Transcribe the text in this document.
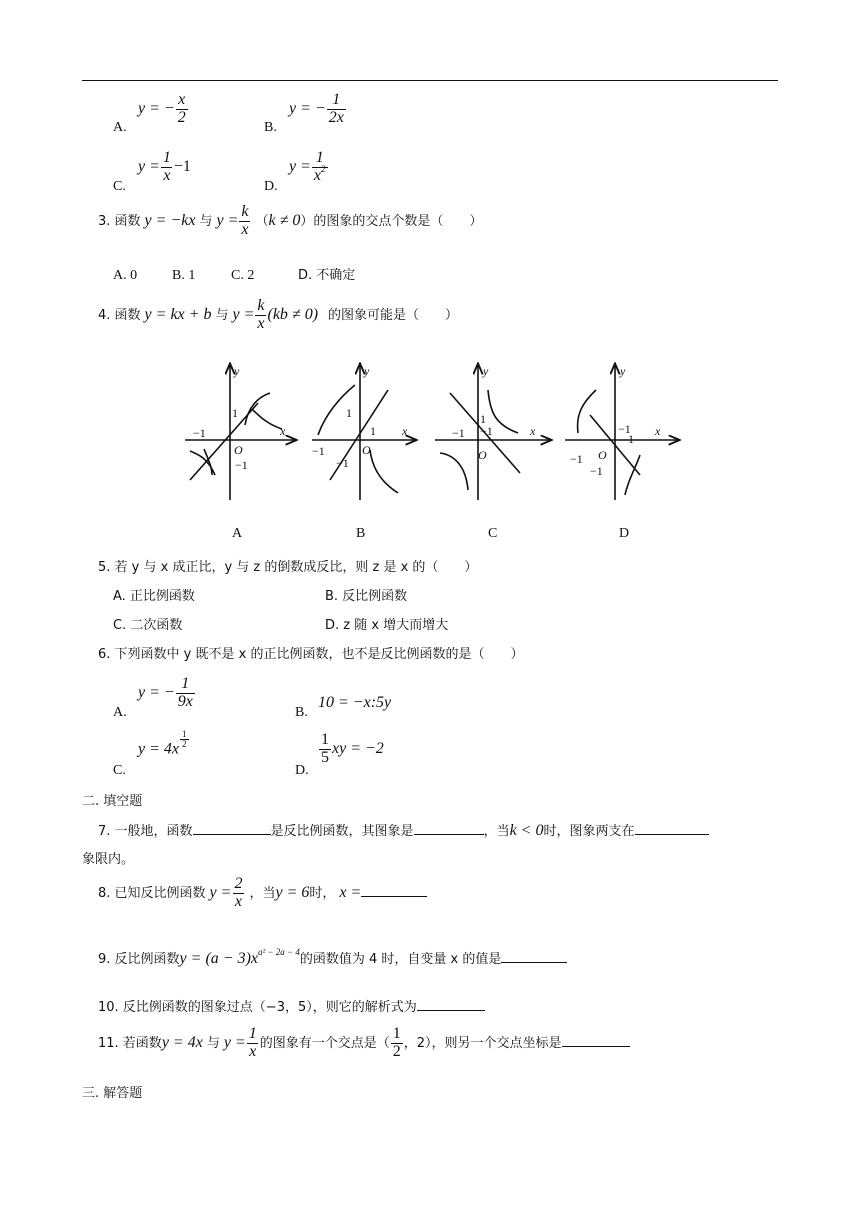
A.
y = − $\frac{x}{2}$
B.
y = − $\frac{1}{2x}$
C.
$y = \frac{1}{x} -1$
D.
$y = \frac{1}{x^2}$
3. 函数 y = −kx 与 $y = \frac{k}{x} (k \ne 0)$的图象的交点个数是（　　）
A. 0 B. 1	C. 2	D. 不确定
4. 函数 y = kx + b 与 $y = \frac{k}{x} (kb \ne 0)$ 的图象可能是（　　）
y
x
O
1
−1
−1
y
x
O
1
1
−1
−1
y
x
O
1
−1 −1
y
x
O
−1
1
−1
−1
A	B	C	D
5. 若 y 与 x 成正比，y 与 z 的倒数成反比，则 z 是 x 的（　　）
A. 正比例函数	B. 反比例函数
C. 二次函数	D. z 随 x 增大而增大
6. 下列函数中 y 既不是 x 的正比例函数，也不是反比例函数的是（　　）
A.
y = − $\frac{1}{9x}$
B.
10 = −x:5y
C.
$y = 4x \frac{1}{2}$
D.
$\frac{1}{5}$ xy = −2
二. 填空题
7. 一般地，函数	是反比例函数，其图象是	，当k < 0时，图象两支在
象限内。
8. 已知反比例函数 $y = \frac{2}{x}$ ，当y = 6时， x =
9. 反比例函数$y = (a - 3)x^{a^2 - 2a - 4}$的函数值为 4 时，自变量 x 的值是
10. 反比例函数的图象过点（−3，5），则它的解析式为
11. 若函数y = 4x 与 $y = \frac{1}{x}$ 的图象有一个交点是（ $\frac{1}{2}$ ，2），则另一个交点坐标是
三. 解答题
